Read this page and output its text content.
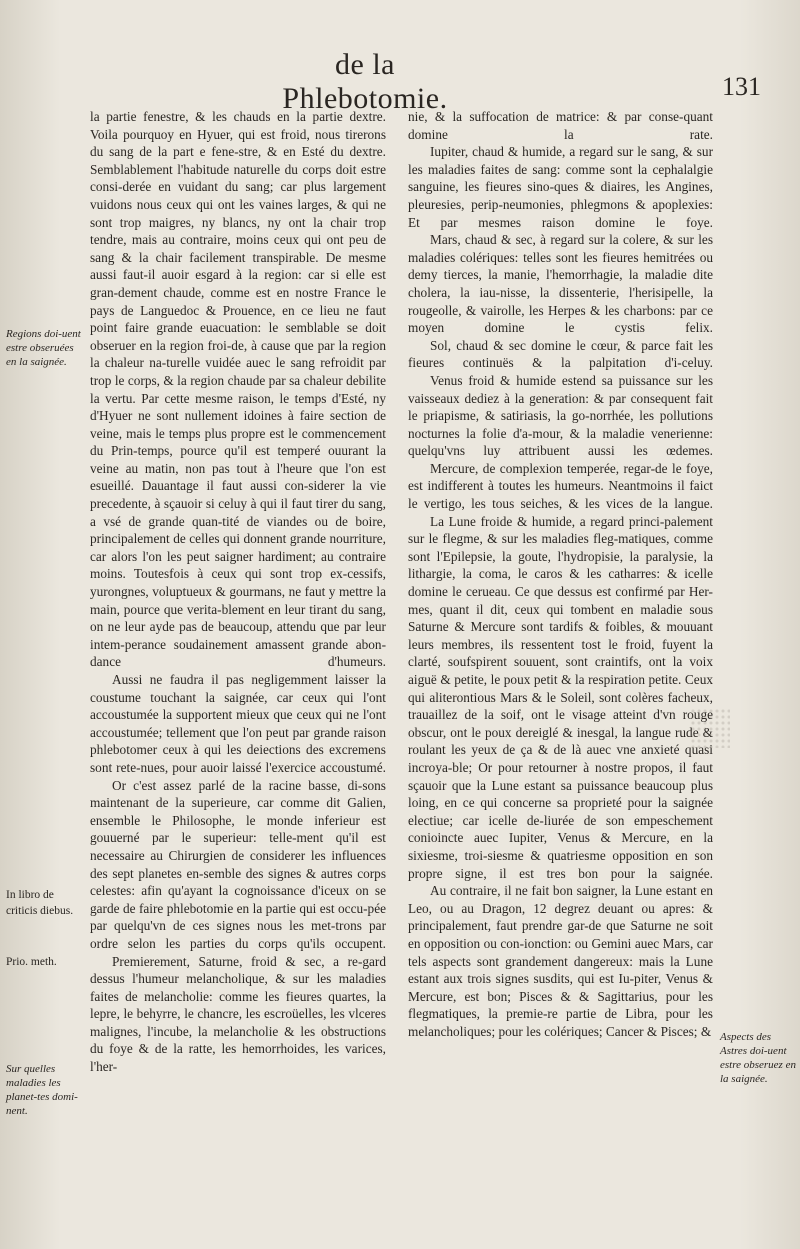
de la Phlebotomie.	131

la partie fenestre, & les chauds en la partie dextre. Voila pourquoy en Hyuer, qui est froid, nous tirerons du sang de la part e fene-stre, & en Esté du dextre. Semblablement l'habitude naturelle du corps doit estre consi-derée en vuidant du sang; car plus largement vuidons nous ceux qui ont les vaines larges, & qui ne sont trop maigres, ny blancs, ny ont la chair trop tendre, mais au contraire, moins ceux qui ont peu de sang & la chair facilement transpirable. De mesme aussi faut-il auoir esgard à la region: car si elle est gran-dement chaude, comme est en nostre France le pays de Languedoc & Prouence, en ce lieu ne faut point faire grande euacuation: le semblable se doit obseruer en la region froi-de, à cause que par la region la chaleur na-turelle vuidée auec le sang refroidit par trop le corps, & la region chaude par sa chaleur debilite la vertu. Par cette mesme raison, le temps d'Esté, ny d'Hyuer ne sont nullement idoines à faire section de veine, mais le temps plus propre est le commencement du Prin-temps, pource qu'il est temperé ouurant la veine au matin, non pas tout à l'heure que l'on est esueillé. Dauantage il faut aussi con-siderer la vie precedente, à sçauoir si celuy à qui il faut tirer du sang, a vsé de grande quan-tité de viandes ou de boire, principalement de celles qui donnent grande nourriture, car alors l'on les peut saigner hardiment; au contraire moins. Toutesfois à ceux qui sont trop ex-cessifs, yurongnes, voluptueux & gourmans, ne faut y mettre la main, pource que verita-blement en leur tirant du sang, on ne leur ayde pas de beaucoup, attendu que par leur intem-perance soudainement amassent grande abon-dance d'humeurs.

Aussi ne faudra il pas negligemment laisser la coustume touchant la saignée, car ceux qui l'ont accoustumée la supportent mieux que ceux qui ne l'ont accoustumée; tellement que l'on peut par grande raison phlebotomer ceux à qui les deiections des excremens sont rete-nues, pour auoir laissé l'exercice accoustumé.

Or c'est assez parlé de la racine basse, di-sons maintenant de la superieure, car comme dit Galien, ensemble le Philosophe, le monde inferieur est gouuerné par le superieur: telle-ment qu'il est necessaire au Chirurgien de considerer les influences des sept planetes en-semble des signes & autres corps celestes: afin qu'ayant la cognoissance d'iceux on se garde de faire phlebotomie en la partie qui est occu-pée par quelqu'vn de ces signes nous les met-trons par ordre selon les parties du corps qu'ils occupent.

Premierement, Saturne, froid & sec, a re-gard dessus l'humeur melancholique, & sur les maladies faites de melancholie: comme les fieures quartes, la lepre, le behyrre, le chancre, les escroüelles, les vlceres malignes, l'incube, la melancholie & les obstructions du foye & de la ratte, les hemorrhoides, les varices, l'her-

nie, & la suffocation de matrice: & par conse-quant domine la rate.

Iupiter, chaud & humide, a regard sur le sang, & sur les maladies faites de sang: comme sont la cephalalgie sanguine, les fieures sino-ques & diaires, les Angines, pleuresies, perip-neumonies, phlegmons & apoplexies: Et par mesmes raison domine le foye.

Mars, chaud & sec, à regard sur la colere, & sur les maladies colériques: telles sont les fieures hemitrées ou demy tierces, la manie, l'hemorrhagie, la maladie dite cholera, la iau-nisse, la dissenterie, l'herisipelle, la rougeolle, & vairolle, les Herpes & les charbons: par ce moyen domine le cystis felix.

Sol, chaud & sec domine le cœur, & parce fait les fieures continuës & la palpitation d'i-celuy.

Venus froid & humide estend sa puissance sur les vaisseaux dediez à la generation: & par consequent fait le priapisme, & satiriasis, la go-norrhée, les pollutions nocturnes la folie d'a-mour, & la maladie venerienne: quelqu'vns luy attribuent aussi les œdemes.

Mercure, de complexion temperée, regar-de le foye, est indifferent à toutes les humeurs. Neantmoins il faict le vertigo, les tous seiches, & les vices de la langue.

La Lune froide & humide, a regard princi-palement sur le flegme, & sur les maladies fleg-matiques, comme sont l'Epilepsie, la goute, l'hydropisie, la paralysie, la lithargie, la coma, le caros & les catharres: & icelle domine le cerueau. Ce que dessus est confirmé par Her-mes, quant il dit, ceux qui tombent en maladie sous Saturne & Mercure sont tardifs & foibles, & mouuant leurs membres, ils ressentent tost le froid, fuyent la clarté, soufspirent souuent, sont craintifs, ont la voix aiguë & petite, le poux petit & la respiration petite. Ceux qui aliterontious Mars & le Soleil, sont colères facheux, trauaillez de la soif, ont le visage atteint d'vn rouge obscur, ont le poux dereiglé & inesgal, la langue rude & roulant les yeux de ça & de là auec vne anxieté quasi incroya-ble; Or pour retourner à nostre propos, il faut sçauoir que la Lune estant sa puissance beaucoup plus loing, en ce qui concerne sa proprieté pour la saignée electiue; car icelle de-liurée de son empeschement conioincte auec Iupiter, Venus & Mercure, en la sixiesme, troi-siesme & quatriesme opposition en son propre signe, il est tres bon pour la saignée.

Au contraire, il ne fait bon saigner, la Lune estant en Leo, ou au Dragon, 12 degrez deuant ou apres: & principalement, faut prendre gar-de que Saturne ne soit en opposition ou con-ionction: ou Gemini auec Mars, car tels aspects sont grandement dangereux: mais la Lune estant aux trois signes susdits, qui est Iu-piter, Venus & Mercure, est bon; Pisces & & Sagittarius, pour les flegmatiques, la premie-re partie de Libra, pour les melancholiques; pour les colériques; Cancer & Pisces; &

Regions doi-uent estre obseruées en la saignée.
In libro de criticis diebus.
Prio. meth.
Sur quelles maladies les planet-tes domi-nent.
Aspects des Astres doi-uent estre obseruez en la saignée.
